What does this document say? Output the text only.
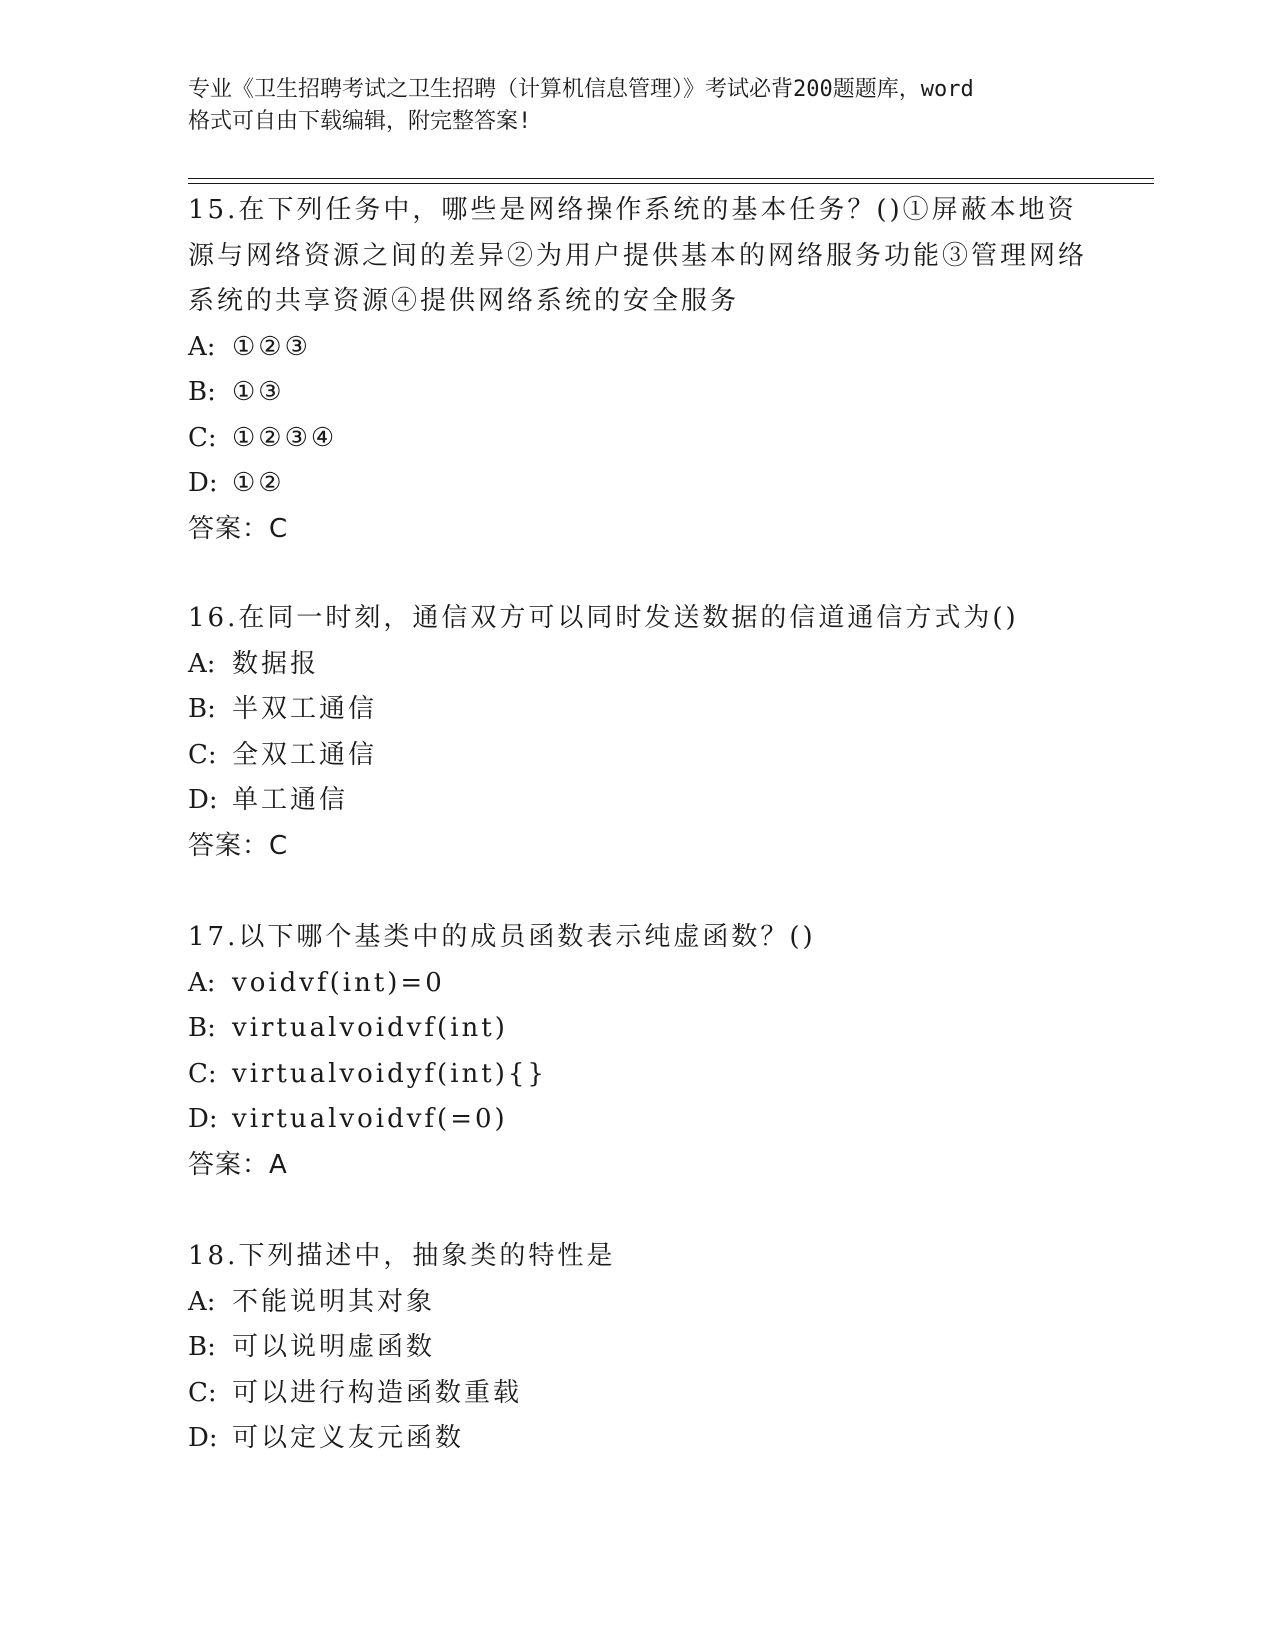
专业《卫生招聘考试之卫生招聘（计算机信息管理）》考试必背200题题库，word
格式可自由下载编辑，附完整答案!

15.在下列任务中，哪些是网络操作系统的基本任务？()①屏蔽本地资源与网络资源之间的差异②为用户提供基本的网络服务功能③管理网络系统的共享资源④提供网络系统的安全服务

A: ①②③

B: ①③

C: ①②③④

D: ①②

答案：C

16.在同一时刻，通信双方可以同时发送数据的信道通信方式为()

A: 数据报

B: 半双工通信

C: 全双工通信

D: 单工通信

答案：C

17.以下哪个基类中的成员函数表示纯虚函数？()

A: voidvf(int)=0

B: virtualvoidvf(int)

C: virtualvoidyf(int){}

D: virtualvoidvf(=0)

答案：A

18.下列描述中，抽象类的特性是

A: 不能说明其对象

B: 可以说明虚函数

C: 可以进行构造函数重载

D: 可以定义友元函数
